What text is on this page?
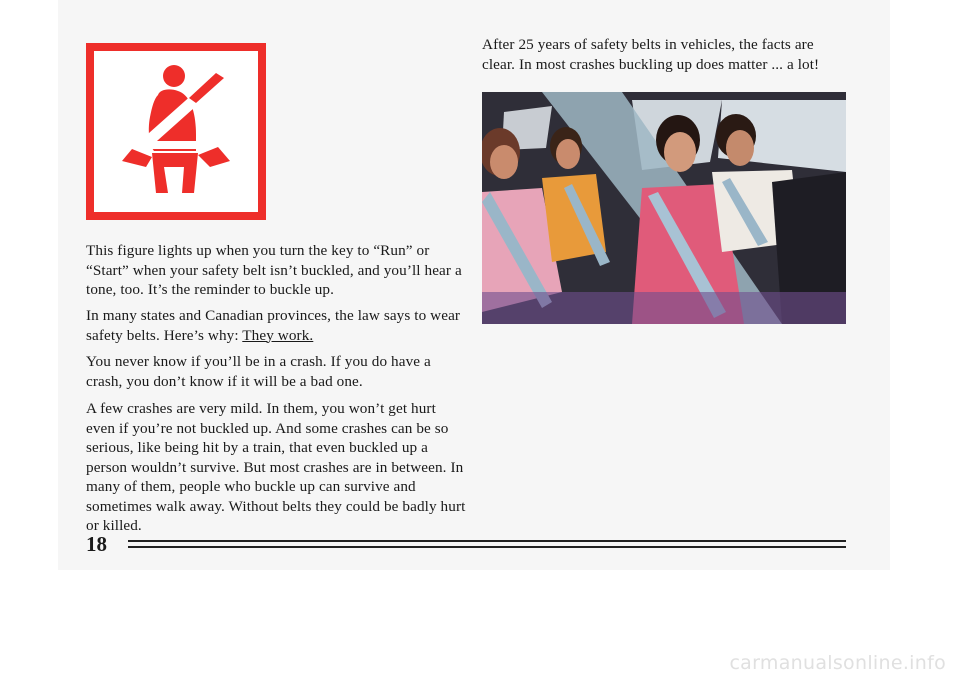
This figure lights up when you turn the key to “Run” or “Start” when your safety belt isn’t buckled, and you’ll hear a tone, too. It’s the reminder to buckle up.

In many states and Canadian provinces, the law says to wear safety belts. Here’s why: They work.

You never know if you’ll be in a crash. If you do have a crash, you don’t know if it will be a bad one.

A few crashes are very mild. In them, you won’t get hurt even if you’re not buckled up. And some crashes can be so serious, like being hit by a train, that even buckled up a person wouldn’t survive. But most crashes are in between. In many of them, people who buckle up can survive and sometimes walk away. Without belts they could be badly hurt or killed.

After 25 years of safety belts in vehicles, the facts are clear. In most crashes buckling up does matter ... a lot!

18
carmanualsonline.info
